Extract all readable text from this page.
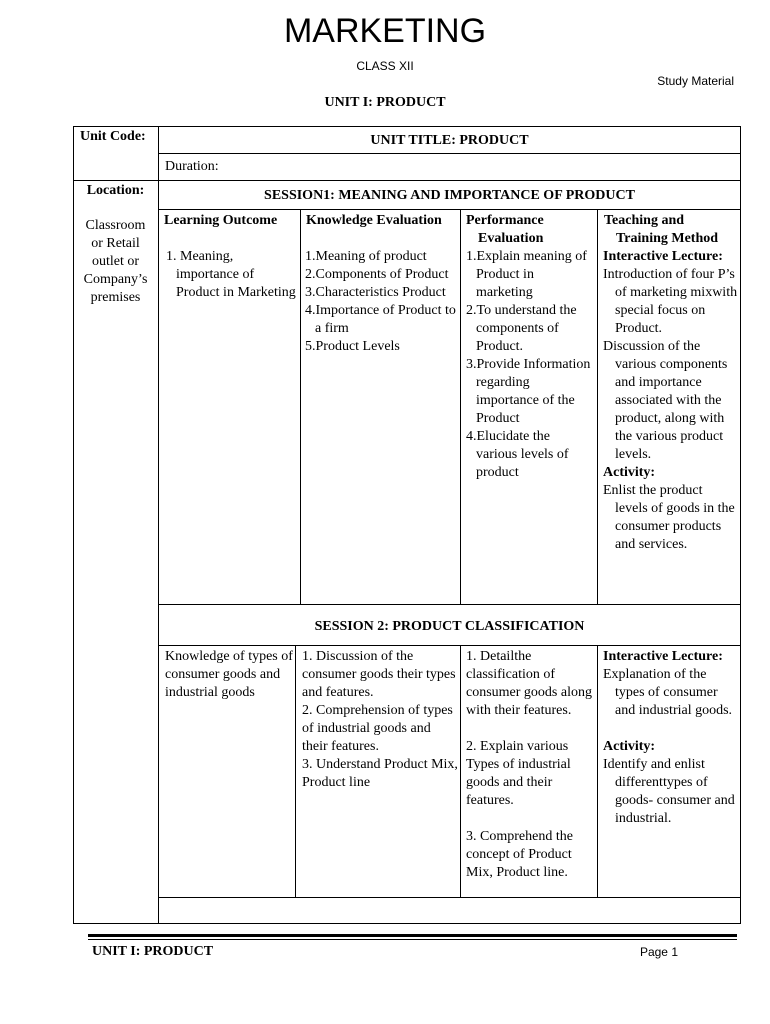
MARKETING
CLASS XII
Study Material
UNIT I: PRODUCT
Unit Code:	UNIT TITLE: PRODUCT
Duration:
Location:
Classroom
or Retail
outlet or
Company’s
premises
SESSION1: MEANING AND IMPORTANCE OF PRODUCT
Learning Outcome Knowledge Evaluation Performance
Evaluation
Teaching and
Training Method
1. Meaning, importance of Product in Marketing

1.Meaning of product

2.Components of Product

3.Characteristics Product

4.Importance of Product to a firm

5.Product Levels

1.Explain meaning of Product in marketing

2.To understand the components of Product.

3.Provide Information regarding importance of the Product

4.Elucidate the various levels of product

Interactive Lecture:

Introduction of four P’s of marketing mixwith special focus on Product.

Discussion of the various components and importance associated with the product, along with the various product levels.

Activity:

Enlist the product levels of goods in the consumer products and services.

SESSION 2: PRODUCT CLASSIFICATION
Knowledge of types of consumer goods and industrial goods

1. Discussion of the consumer goods their types and features.

2. Comprehension of types of industrial goods and their features.

3. Understand Product Mix, Product line

1. Detailthe classification of consumer goods along with their features.

2. Explain various Types of industrial goods and their features.

3. Comprehend the concept of Product Mix, Product line.

Interactive Lecture:

Explanation of the types of consumer and industrial goods.

Activity:

Identify and enlist differenttypes of goods- consumer and industrial.

UNIT I: PRODUCT	Page 1
